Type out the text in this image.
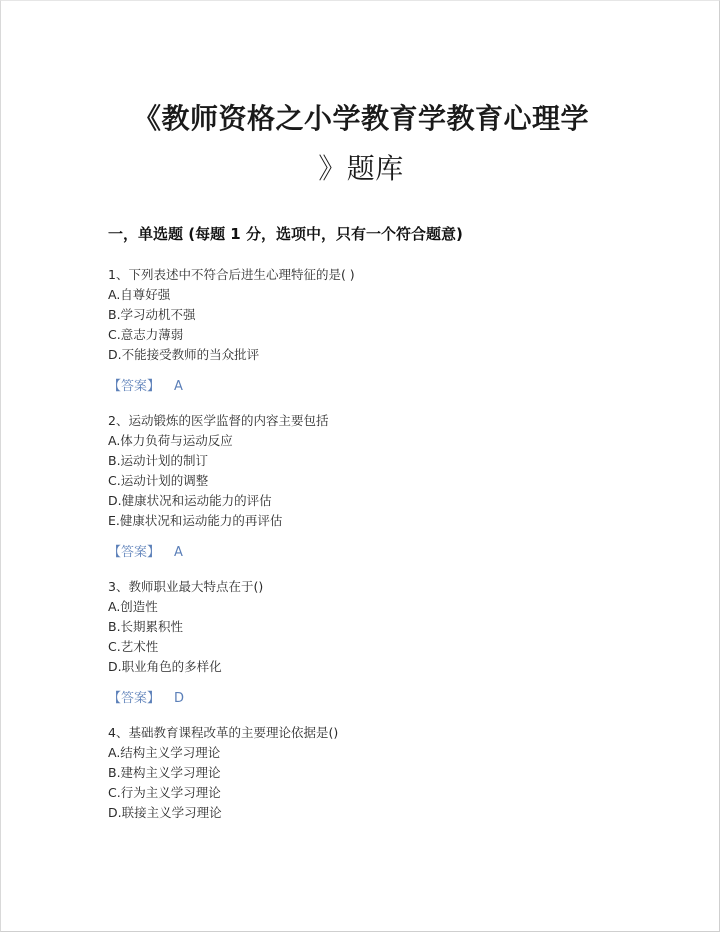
《教师资格之小学教育学教育心理学
》题库
一，单选题 (每题 1 分，选项中，只有一个符合题意)
1、下列表述中不符合后进生心理特征的是( )
A.自尊好强
B.学习动机不强
C.意志力薄弱
D.不能接受教师的当众批评
【答案】 A
2、运动锻炼的医学监督的内容主要包括
A.体力负荷与运动反应
B.运动计划的制订
C.运动计划的调整
D.健康状况和运动能力的评估
E.健康状况和运动能力的再评估
【答案】 A
3、教师职业最大特点在于()
A.创造性
B.长期累积性
C.艺术性
D.职业角色的多样化
【答案】 D
4、基础教育课程改革的主要理论依据是()
A.结构主义学习理论
B.建构主义学习理论
C.行为主义学习理论
D.联接主义学习理论
